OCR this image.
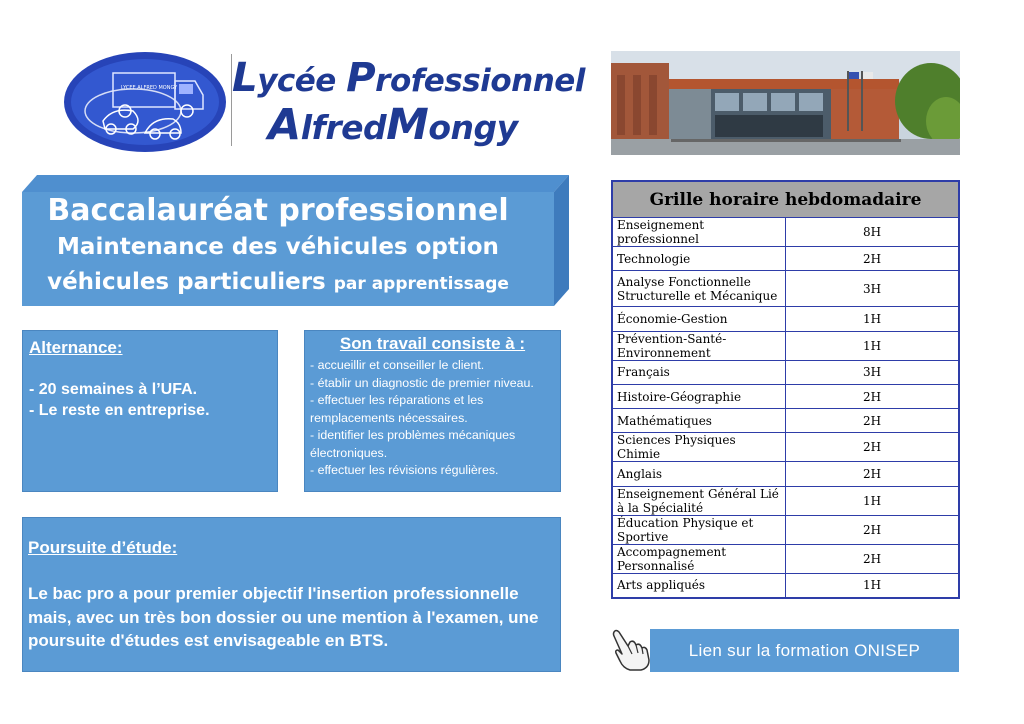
LYCEE ALFRED MONGY Lycée Professionnel
AlfredMongy
Baccalauréat professionnel
Maintenance des véhicules option
véhicules particuliers par apprentissage
Alternance:
- 20 semaines à l’UFA.
- Le reste en entreprise.
Son travail consiste à :
- accueillir et conseiller le client.
- établir un diagnostic de premier niveau.
- effectuer les réparations et les remplacements nécessaires.
- identifier les problèmes mécaniques électroniques.
- effectuer les révisions régulières.
Poursuite d’étude:
Le bac pro a pour premier objectif l'insertion professionnelle mais, avec un très bon dossier ou une mention à l'examen, une poursuite d'études est envisageable en BTS.
Grille horaire hebdomadaire	
Enseignement professionnel	8H
Technologie	2H
Analyse Fonctionnelle Structurelle et Mécanique	3H
Économie-Gestion	1H
Prévention-Santé-Environnement	1H
Français	3H
Histoire-Géographie	2H
Mathématiques	2H
Sciences Physiques Chimie	2H
Anglais	2H
Enseignement Général Lié à la Spécialité	1H
Éducation Physique et Sportive	2H
Accompagnement Personnalisé	2H
Arts appliqués	1H
Lien sur la formation ONISEP
